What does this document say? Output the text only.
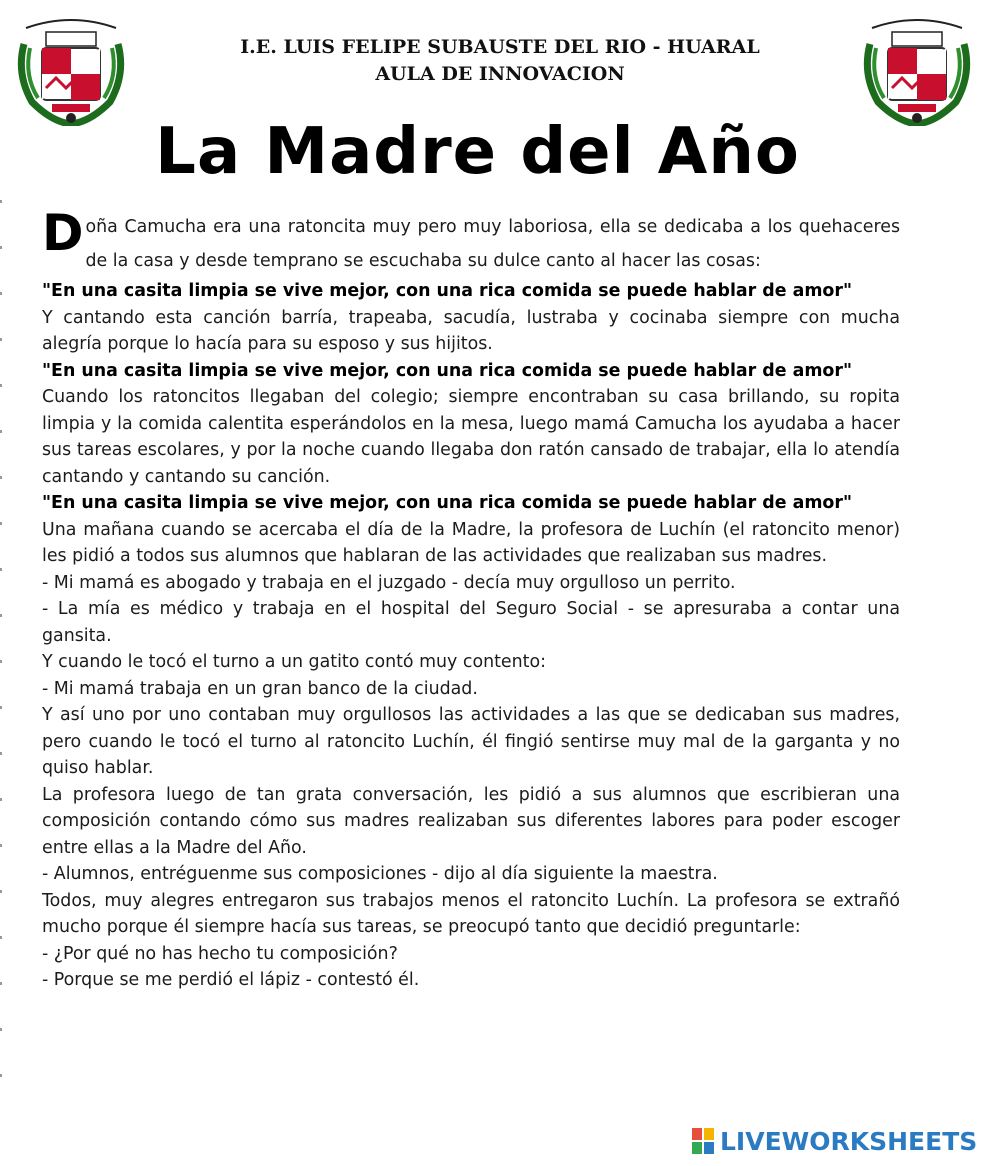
I.E. LUIS FELIPE SUBAUSTE DEL RIO - HUARAL
AULA DE INNOVACION
La Madre del Año

Doña Camucha era una ratoncita muy pero muy laboriosa, ella se dedicaba a los quehaceres de la casa y desde temprano se escuchaba su dulce canto al hacer las cosas:

"En una casita limpia se vive mejor, con una rica comida se puede hablar de amor"

Y cantando esta canción barría, trapeaba, sacudía, lustraba y cocinaba siempre con mucha alegría porque lo hacía para su esposo y sus hijitos.

"En una casita limpia se vive mejor, con una rica comida se puede hablar de amor"

Cuando los ratoncitos llegaban del colegio; siempre encontraban su casa brillando, su ropita limpia y la comida calentita esperándolos en la mesa, luego mamá Camucha los ayudaba a hacer sus tareas escolares, y por la noche cuando llegaba don ratón cansado de trabajar, ella lo atendía cantando y cantando su canción.

"En una casita limpia se vive mejor, con una rica comida se puede hablar de amor"

Una mañana cuando se acercaba el día de la Madre, la profesora de Luchín (el ratoncito menor) les pidió a todos sus alumnos que hablaran de las actividades que realizaban sus madres.

- Mi mamá es abogado y trabaja en el juzgado - decía muy orgulloso un perrito.

- La mía es médico y trabaja en el hospital del Seguro Social - se apresuraba a contar una gansita.

Y cuando le tocó el turno a un gatito contó muy contento:

- Mi mamá trabaja en un gran banco de la ciudad.

Y así uno por uno contaban muy orgullosos las actividades a las que se dedicaban sus madres, pero cuando le tocó el turno al ratoncito Luchín, él fingió sentirse muy mal de la garganta y no quiso hablar.

La profesora luego de tan grata conversación, les pidió a sus alumnos que escribieran una composición contando cómo sus madres realizaban sus diferentes labores para poder escoger entre ellas a la Madre del Año.

- Alumnos, entréguenme sus composiciones - dijo al día siguiente la maestra.

Todos, muy alegres entregaron sus trabajos menos el ratoncito Luchín. La profesora se extrañó mucho porque él siempre hacía sus tareas, se preocupó tanto que decidió preguntarle:

- ¿Por qué no has hecho tu composición?

- Porque se me perdió el lápiz - contestó él.

LIVEWORKSHEETS
